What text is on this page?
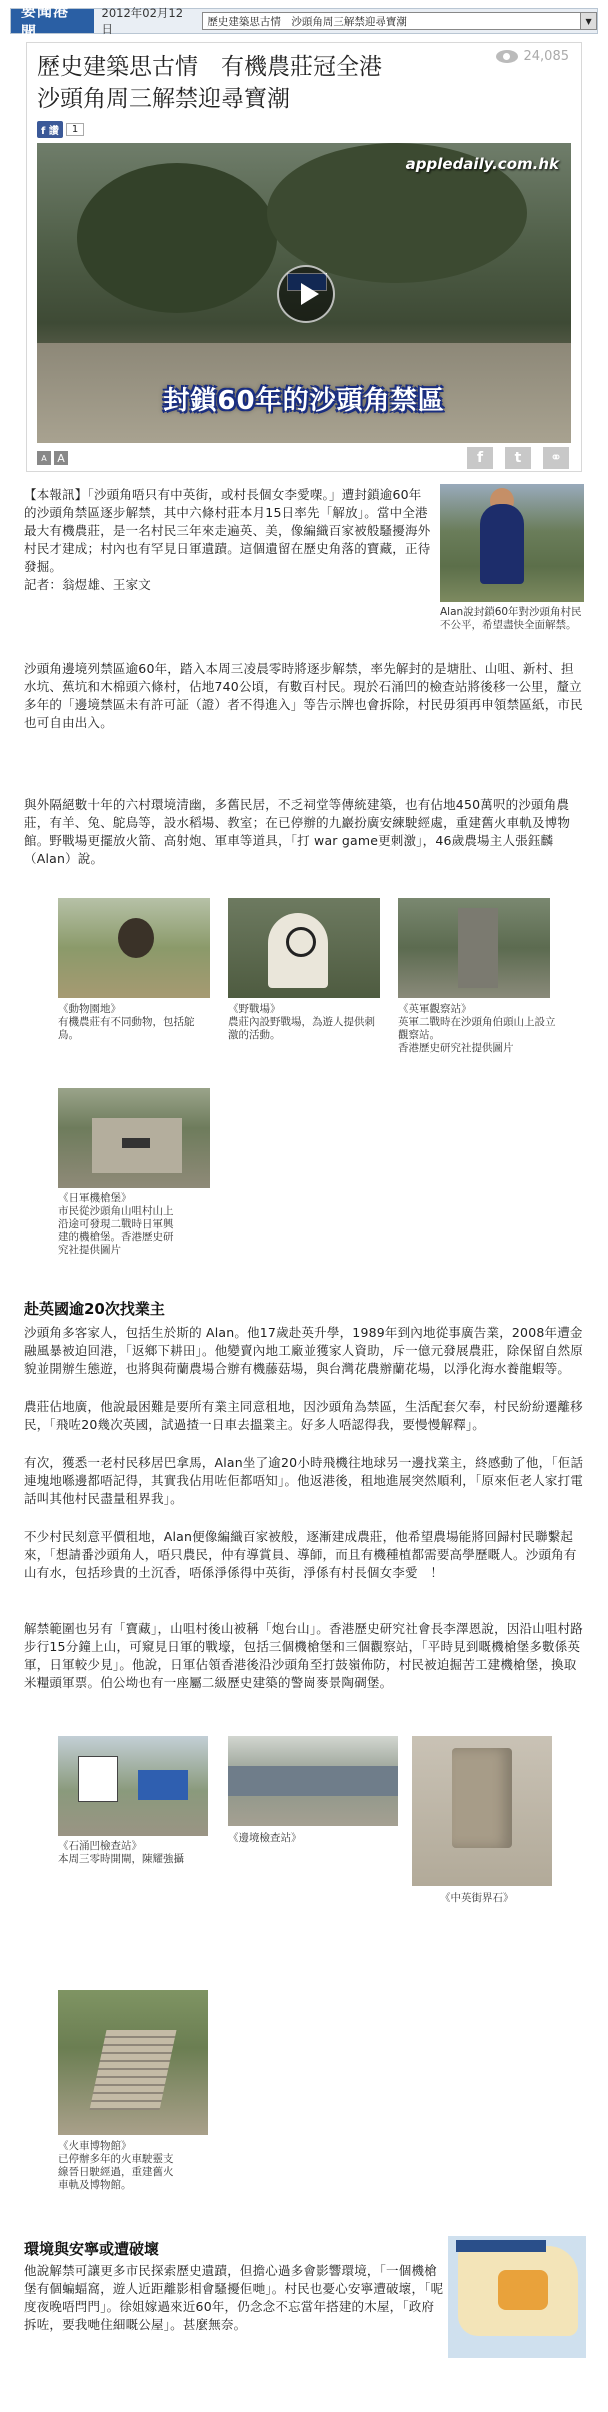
要聞港聞
2012年02月12日
歷史建築思古情　沙頭角周三解禁迎尋寶潮	▼
歷史建築思古情　有機農莊冠全港
沙頭角周三解禁迎尋寶潮
24,085
f 讚	1
appledaily.com.hk
封鎖60年的沙頭角禁區
A A	f	t	⚭
【本報訊】「沙頭角唔只有中英街，或村長個女李愛㗎。」遭封鎖逾60年的沙頭角禁區逐步解禁，其中六條村莊本月15日率先「解放」。當中全港最大有機農莊，是一名村民三年來走遍英、美，像編織百家被般騷擾海外村民才建成；村內也有罕見日軍遺蹟。這個遺留在歷史角落的寶藏，正待發掘。
記者：翁煜雄、王家文
Alan說封鎖60年對沙頭角村民不公平，希望盡快全面解禁。
沙頭角邊境列禁區逾60年，踏入本周三凌晨零時將逐步解禁，率先解封的是塘肚、山咀、新村、担水坑、蕉坑和木棉頭六條村，佔地740公頃，有數百村民。現於石涌凹的檢查站將後移一公里，釐立多年的「邊境禁區未有許可証（證）者不得進入」等告示牌也會拆除，村民毋須再申領禁區紙，市民也可自由出入。
與外隔絕數十年的六村環境清幽，多舊民居，不乏祠堂等傳統建築，也有佔地450萬呎的沙頭角農莊，有羊、兔、鴕鳥等，設水稻場、教室；在已停辦的九巖扮廣安練駛經處，重建舊火車軌及博物館。野戰場更擺放火箭、高射炮、軍車等道具，「打 war game更刺激」，46歲農場主人張鈺麟（Alan）說。
《動物園地》
有機農莊有不同動物，包括鴕鳥。
《野戰場》
農莊內設野戰場，為遊人提供刺激的活動。
《英軍觀察站》
英軍二戰時在沙頭角伯頭山上設立觀察站。
香港歷史研究社提供圖片
《日軍機槍堡》
市民從沙頭角山咀村山上沿途可發現二戰時日軍興建的機槍堡。香港歷史研究社提供圖片
赴英國逾20次找業主
沙頭角多客家人，包括生於斯的 Alan。他17歲赴英升學，1989年到內地從事廣告業，2008年遭金融風暴被迫回港，「返鄉下耕田」。他變賣內地工廠並獲家人資助，斥一億元發展農莊，除保留自然原貌並開辦生態遊，也將與荷蘭農場合辦有機藤菇場，與台灣花農辦蘭花場，以淨化海水養龍蝦等。
農莊佔地廣，他說最困難是要所有業主同意租地，因沙頭角為禁區，生活配套欠奉，村民紛紛遷離移民，「飛咗20幾次英國，試過揸一日車去搵業主。好多人唔認得我，要慢慢解釋」。
有次，獲悉一老村民移居巴拿馬，Alan坐了逾20小時飛機往地球另一邊找業主，終感動了他，「佢話連塊地喺邊都唔記得，其實我佔用咗佢都唔知」。他返港後，租地進展突然順利，「原來佢老人家打電話叫其他村民盡量租界我」。
不少村民刻意平價租地，Alan便像編織百家被般，逐漸建成農莊，他希望農場能將回歸村民聯繫起來，「想請番沙頭角人，唔只農民，仲有導賞員、導師，而且有機種植都需要高學歷嘅人。沙頭角有山有水，包括珍貴的土沉香，唔係淨係得中英街，淨係有村長個女李愛　！
解禁範圍也另有「寶藏」，山咀村後山被稱「炮台山」。香港歷史研究社會長李澤恩說，因沿山咀村路步行15分鐘上山，可窺見日軍的戰壕，包括三個機槍堡和三個觀察站，「平時見到嘅機槍堡多數係英軍，日軍較少見」。他說，日軍佔領香港後沿沙頭角至打鼓嶺佈防，村民被迫掘苦工建機槍堡，換取米糧頭軍票。伯公坳也有一座屬二級歷史建築的警崗麥景陶碉堡。
《石涌凹檢查站》
本周三零時開閘，陳耀強攝
《邊境檢查站》
《中英街界石》
《火車博物館》
已停辦多年的火車駛靈支線晉日駛經過，重建舊火車軌及博物館。
環境與安寧或遭破壞
他說解禁可讓更多市民探索歷史遺蹟，但擔心過多會影響環境，「一個機槍堡有個蝙蝠窩，遊人近距離影相會騷擾佢哋」。村民也憂心安寧遭破壞，「呢度夜晚唔閂門」。徐姐嫁過來近60年，仍念念不忘當年搭建的木屋，「政府拆咗，要我哋住細嘅公屋」。甚麼無奈。
